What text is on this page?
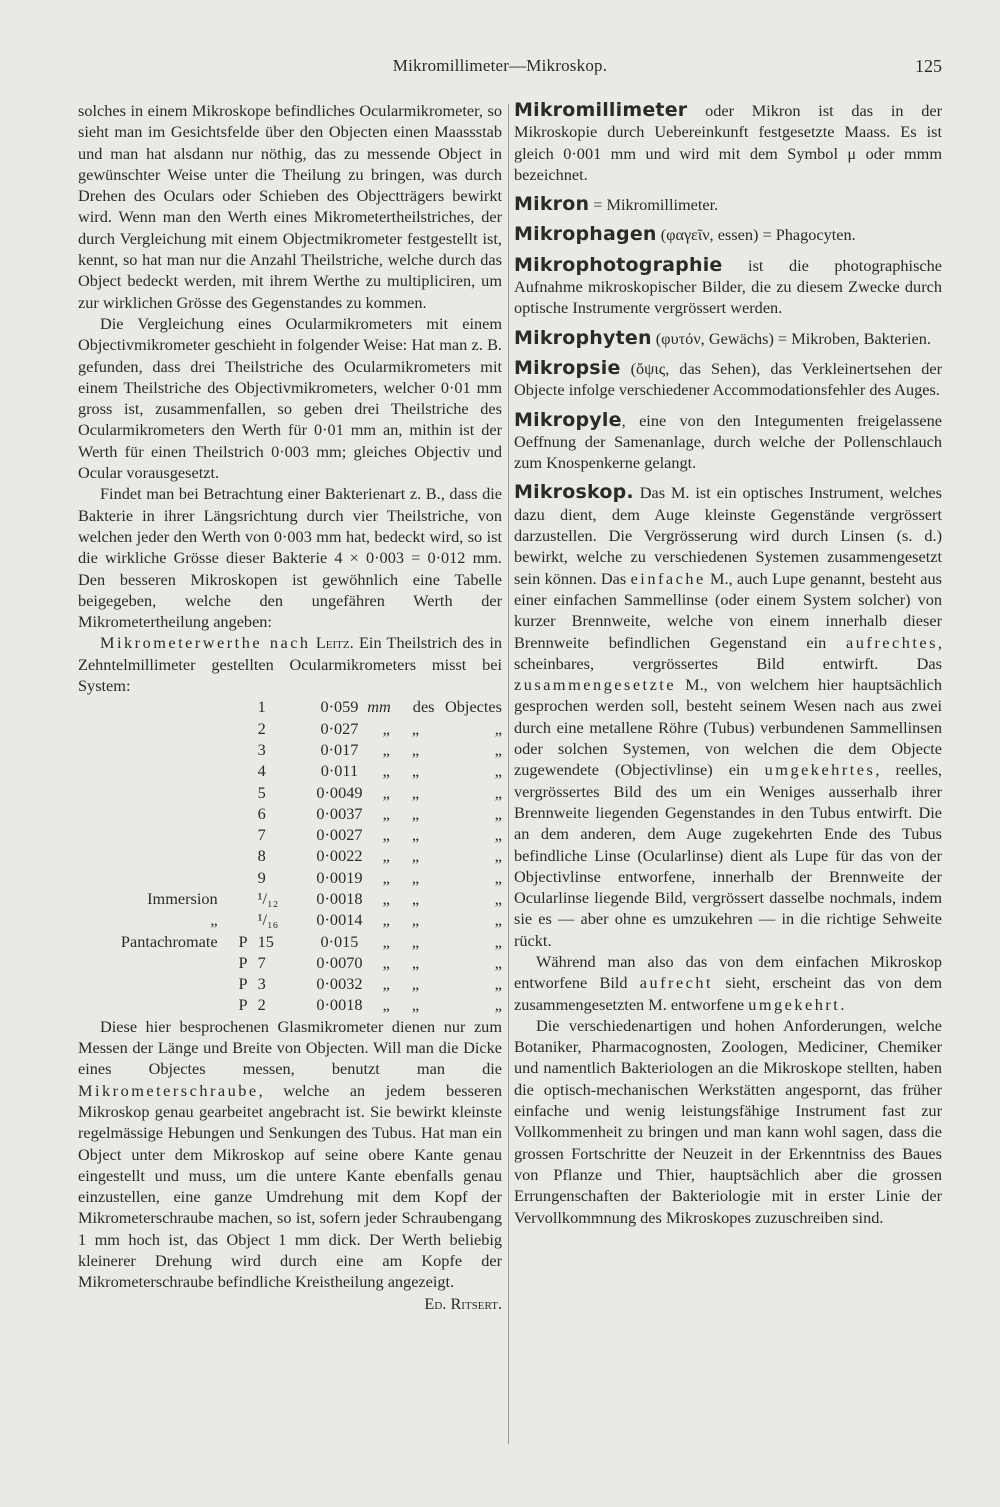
Mikromillimeter—Mikroskop.	125

solches in einem Mikroskope befindliches Ocularmikrometer, so sieht man im Gesichtsfelde über den Objecten einen Maassstab und man hat alsdann nur nöthig, das zu messende Object in gewünschter Weise unter die Theilung zu bringen, was durch Drehen des Oculars oder Schieben des Objectträgers bewirkt wird. Wenn man den Werth eines Mikrometertheilstriches, der durch Vergleichung mit einem Objectmikrometer festgestellt ist, kennt, so hat man nur die Anzahl Theilstriche, welche durch das Object bedeckt werden, mit ihrem Werthe zu multipliciren, um zur wirklichen Grösse des Gegenstandes zu kommen.

Die Vergleichung eines Ocularmikrometers mit einem Objectivmikrometer geschieht in folgender Weise: Hat man z. B. gefunden, dass drei Theilstriche des Ocularmikrometers mit einem Theilstriche des Objectivmikrometers, welcher 0·01 mm gross ist, zusammenfallen, so geben drei Theilstriche des Ocularmikrometers den Werth für 0·01 mm an, mithin ist der Werth für einen Theilstrich 0·003 mm; gleiches Objectiv und Ocular vorausgesetzt.

Findet man bei Betrachtung einer Bakterienart z. B., dass die Bakterie in ihrer Längsrichtung durch vier Theilstriche, von welchen jeder den Werth von 0·003 mm hat, bedeckt wird, so ist die wirkliche Grösse dieser Bakterie 4 × 0·003 = 0·012 mm. Den besseren Mikroskopen ist gewöhnlich eine Tabelle beigegeben, welche den ungefähren Werth der Mikrometertheilung angeben:

Mikrometerwerthe nach Leitz. Ein Theilstrich des in Zehntelmillimeter gestellten Ocularmikrometers misst bei System:

		1	0·059	mm des	Objectes
		2	0·027	„ „	„
		3	0·017	„ „	„
		4	0·011	„ „	„
		5	0·0049	„ „	„
		6	0·0037	„ „	„
		7	0·0027	„ „	„
		8	0·0022	„ „	„
		9	0·0019	„ „	„
Immersion		¹/₁₂	0·0018	„ „	„
„		¹/₁₆	0·0014	„ „	„
Pantachromate	P	15	0·015	„ „	„
	P	7	0·0070	„ „	„
	P	3	0·0032	„ „	„
	P	2	0·0018	„ „	„

Diese hier besprochenen Glasmikrometer dienen nur zum Messen der Länge und Breite von Objecten. Will man die Dicke eines Objectes messen, benutzt man die Mikrometerschraube, welche an jedem besseren Mikroskop genau gearbeitet angebracht ist. Sie bewirkt kleinste regelmässige Hebungen und Senkungen des Tubus. Hat man ein Object unter dem Mikroskop auf seine obere Kante genau eingestellt und muss, um die untere Kante ebenfalls genau einzustellen, eine ganze Umdrehung mit dem Kopf der Mikrometerschraube machen, so ist, sofern jeder Schraubengang 1 mm hoch ist, das Object 1 mm dick. Der Werth beliebig kleinerer Drehung wird durch eine am Kopfe der Mikrometerschraube befindliche Kreistheilung angezeigt.

Ed. Ritsert.

Mikromillimeter oder Mikron ist das in der Mikroskopie durch Uebereinkunft festgesetzte Maass. Es ist gleich 0·001 mm und wird mit dem Symbol μ oder mmm bezeichnet.

Mikron = Mikromillimeter.

Mikrophagen (φαγεῖν, essen) = Phagocyten.

Mikrophotographie ist die photographische Aufnahme mikroskopischer Bilder, die zu diesem Zwecke durch optische Instrumente vergrössert werden.

Mikrophyten (φυτόν, Gewächs) = Mikroben, Bakterien.

Mikropsie (ὄψις, das Sehen), das Verkleinertsehen der Objecte infolge verschiedener Accommodationsfehler des Auges.

Mikropyle, eine von den Integumenten freigelassene Oeffnung der Samenanlage, durch welche der Pollenschlauch zum Knospenkerne gelangt.

Mikroskop. Das M. ist ein optisches Instrument, welches dazu dient, dem Auge kleinste Gegenstände vergrössert darzustellen. Die Vergrösserung wird durch Linsen (s. d.) bewirkt, welche zu verschiedenen Systemen zusammengesetzt sein können. Das einfache M., auch Lupe genannt, besteht aus einer einfachen Sammellinse (oder einem System solcher) von kurzer Brennweite, welche von einem innerhalb dieser Brennweite befindlichen Gegenstand ein aufrechtes, scheinbares, vergrössertes Bild entwirft. Das zusammengesetzte M., von welchem hier hauptsächlich gesprochen werden soll, besteht seinem Wesen nach aus zwei durch eine metallene Röhre (Tubus) verbundenen Sammellinsen oder solchen Systemen, von welchen die dem Objecte zugewendete (Objectivlinse) ein umgekehrtes, reelles, vergrössertes Bild des um ein Weniges ausserhalb ihrer Brennweite liegenden Gegenstandes in den Tubus entwirft. Die an dem anderen, dem Auge zugekehrten Ende des Tubus befindliche Linse (Ocularlinse) dient als Lupe für das von der Objectivlinse entworfene, innerhalb der Brennweite der Ocularlinse liegende Bild, vergrössert dasselbe nochmals, indem sie es — aber ohne es umzukehren — in die richtige Sehweite rückt.

Während man also das von dem einfachen Mikroskop entworfene Bild aufrecht sieht, erscheint das von dem zusammengesetzten M. entworfene umgekehrt.

Die verschiedenartigen und hohen Anforderungen, welche Botaniker, Pharmacognosten, Zoologen, Mediciner, Chemiker und namentlich Bakteriologen an die Mikroskope stellten, haben die optisch-mechanischen Werkstätten angespornt, das früher einfache und wenig leistungsfähige Instrument fast zur Vollkommenheit zu bringen und man kann wohl sagen, dass die grossen Fortschritte der Neuzeit in der Erkenntniss des Baues von Pflanze und Thier, hauptsächlich aber die grossen Errungenschaften der Bakteriologie mit in erster Linie der Vervollkommnung des Mikroskopes zuzuschreiben sind.
